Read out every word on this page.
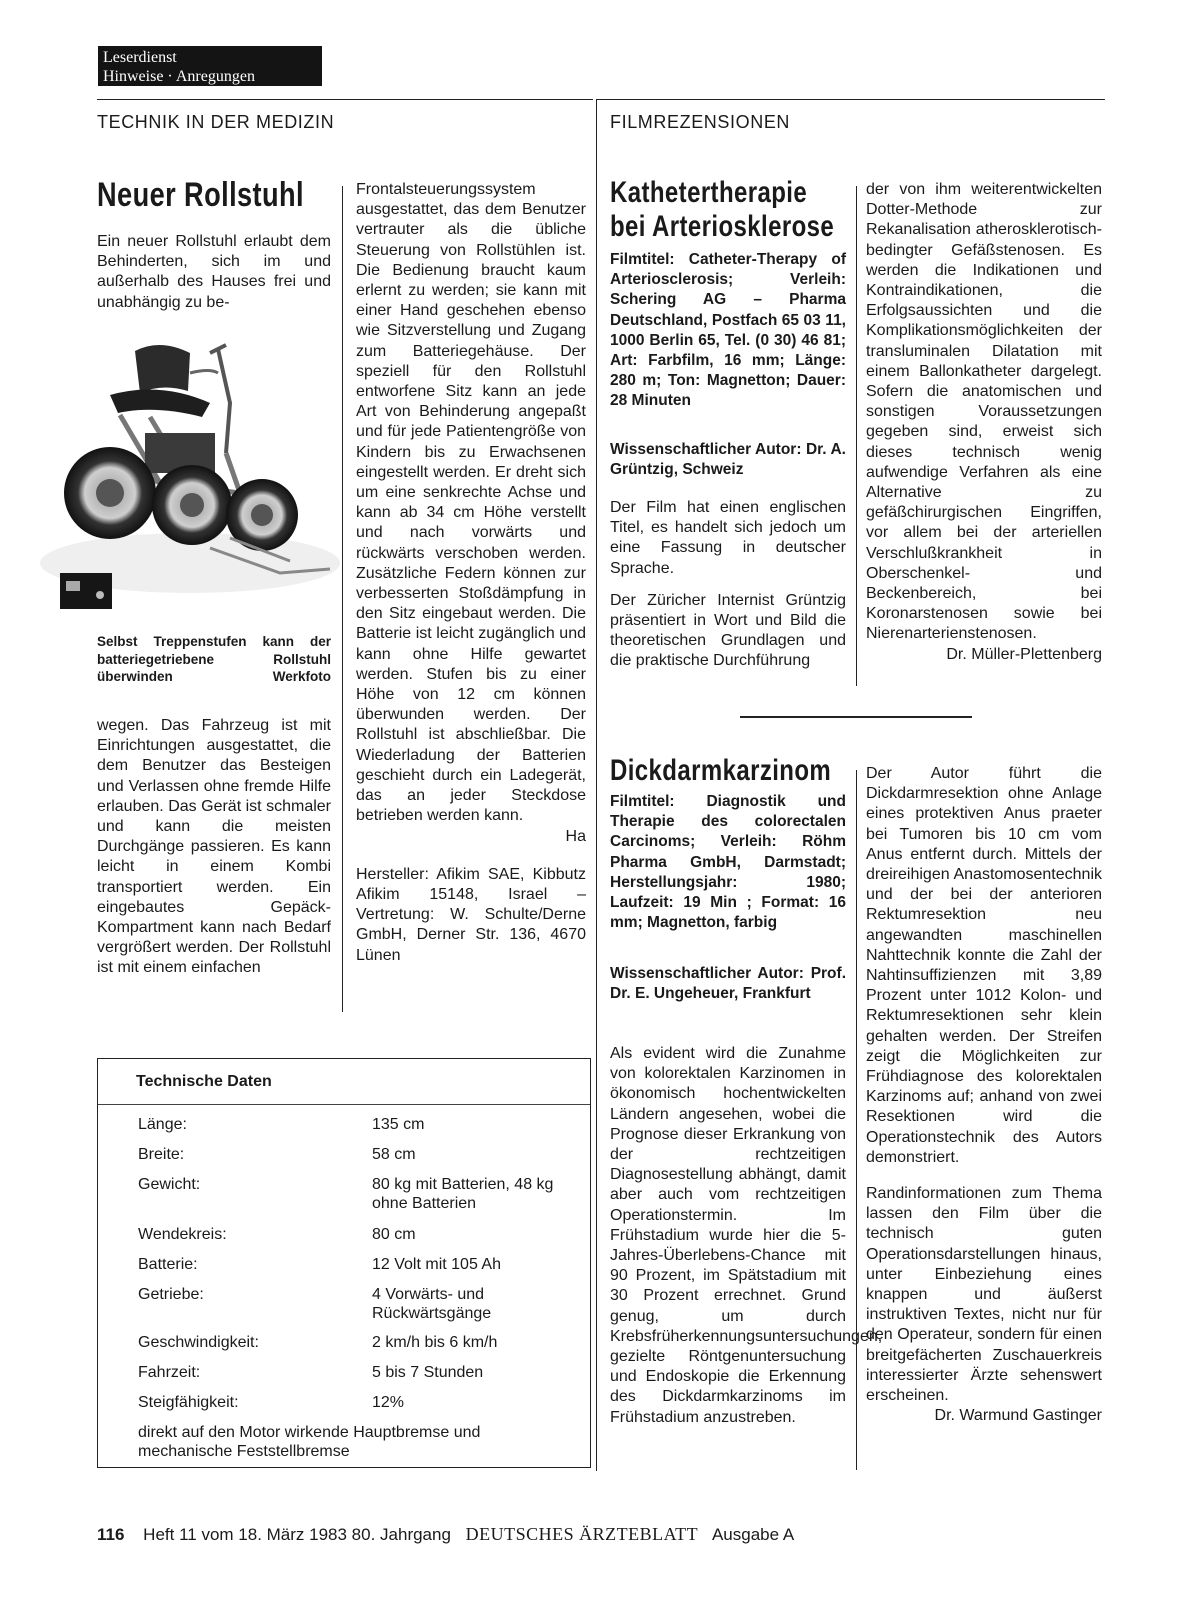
Leserdienst
Hinweise · Anregungen
TECHNIK IN DER MEDIZIN	FILMREZENSIONEN
Neuer Rollstuhl
Ein neuer Rollstuhl erlaubt dem Behinderten, sich im und außerhalb des Hauses frei und unabhängig zu be-
Selbst Treppenstufen kann der batteriegetriebene Rollstuhl überwinden	Werkfoto
wegen. Das Fahrzeug ist mit Einrichtungen ausgestattet, die dem Benutzer das Besteigen und Verlassen ohne fremde Hilfe erlauben. Das Gerät ist schmaler und kann die meisten Durchgänge passieren. Es kann leicht in einem Kombi transportiert werden. Ein eingebautes Gepäck-Kompartment kann nach Bedarf vergrößert werden. Der Rollstuhl ist mit einem einfachen

Frontalsteuerungssystem ausgestattet, das dem Benutzer vertrauter als die übliche Steuerung von Rollstühlen ist. Die Bedienung braucht kaum erlernt zu werden; sie kann mit einer Hand geschehen ebenso wie Sitzverstellung und Zugang zum Batteriegehäuse. Der speziell für den Rollstuhl entworfene Sitz kann an jede Art von Behinderung angepaßt und für jede Patientengröße von Kindern bis zu Erwachsenen eingestellt werden. Er dreht sich um eine senkrechte Achse und kann ab 34 cm Höhe verstellt und nach vorwärts und rückwärts verschoben werden. Zusätzliche Federn können zur verbesserten Stoßdämpfung in den Sitz eingebaut werden. Die Batterie ist leicht zugänglich und kann ohne Hilfe gewartet werden. Stufen bis zu einer Höhe von 12 cm können überwunden werden. Der Rollstuhl ist abschließbar. Die Wiederladung der Batterien geschieht durch ein Ladegerät, das an jeder Steckdose betrieben werden kann.

Ha

Hersteller: Afikim SAE, Kibbutz Afikim 15148, Israel – Vertretung: W. Schulte/Derne GmbH, Derner Str. 136, 4670 Lünen

Technische Daten
Länge:	135 cm
Breite:	58 cm
Gewicht:	80 kg mit Batterien, 48 kg ohne Batterien
Wendekreis:	80 cm
Batterie:	12 Volt mit 105 Ah
Getriebe:	4 Vorwärts- und Rückwärtsgänge
Geschwindigkeit:	2 km/h bis 6 km/h
Fahrzeit:	5 bis 7 Stunden
Steigfähigkeit:	12%
direkt auf den Motor wirkende Hauptbremse und mechanische Feststellbremse
Kathetertherapie
bei Arteriosklerose
Filmtitel: Catheter-Therapy of Arteriosclerosis; Verleih: Schering AG – Pharma Deutschland, Postfach 65 03 11, 1000 Berlin 65, Tel. (0 30) 46 81; Art: Farbfilm, 16 mm; Länge: 280 m; Ton: Magnetton; Dauer: 28 Minuten
Wissenschaftlicher Autor: Dr. A. Grüntzig, Schweiz

Der Film hat einen englischen Titel, es handelt sich jedoch um eine Fassung in deutscher Sprache.

Der Züricher Internist Grüntzig präsentiert in Wort und Bild die theoretischen Grundlagen und die praktische Durchführung

der von ihm weiterentwickelten Dotter-Methode zur Rekanalisation atherosklerotisch-bedingter Gefäßstenosen. Es werden die Indikationen und Kontraindikationen, die Erfolgsaussichten und die Komplikationsmöglichkeiten der transluminalen Dilatation mit einem Ballonkatheter dargelegt. Sofern die anatomischen und sonstigen Voraussetzungen gegeben sind, erweist sich dieses technisch wenig aufwendige Verfahren als eine Alternative zu gefäßchirurgischen Eingriffen, vor allem bei der arteriellen Verschlußkrankheit in Oberschenkel- und Beckenbereich, bei Koronarstenosen sowie bei Nierenarterienstenosen.

Dr. Müller-Plettenberg

Dickdarmkarzinom
Filmtitel: Diagnostik und Therapie des colorectalen Carcinoms; Verleih: Röhm Pharma GmbH, Darmstadt; Herstellungsjahr: 1980; Laufzeit: 19 Min ; Format: 16 mm; Magnetton, farbig
Wissenschaftlicher Autor: Prof. Dr. E. Ungeheuer, Frankfurt
Als evident wird die Zunahme von kolorektalen Karzinomen in ökonomisch hochentwickelten Ländern angesehen, wobei die Prognose dieser Erkrankung von der rechtzeitigen Diagnosestellung abhängt, damit aber auch vom rechtzeitigen Operationstermin. Im Frühstadium wurde hier die 5-Jahres-Überlebens-Chance mit 90 Prozent, im Spätstadium mit 30 Prozent errechnet. Grund genug, um durch Krebsfrüherkennungsuntersuchungen, gezielte Röntgenuntersuchung und Endoskopie die Erkennung des Dickdarmkarzinoms im Frühstadium anzustreben.

Der Autor führt die Dickdarmresektion ohne Anlage eines protektiven Anus praeter bei Tumoren bis 10 cm vom Anus entfernt durch. Mittels der dreireihigen Anastomosentechnik und der bei der anterioren Rektumresektion neu angewandten maschinellen Nahttechnik konnte die Zahl der Nahtinsuffizienzen mit 3,89 Prozent unter 1012 Kolon- und Rektumresektionen sehr klein gehalten werden. Der Streifen zeigt die Möglichkeiten zur Frühdiagnose des kolorektalen Karzinoms auf; anhand von zwei Resektionen wird die Operationstechnik des Autors demonstriert.

Randinformationen zum Thema lassen den Film über die technisch guten Operationsdarstellungen hinaus, unter Einbeziehung eines knappen und äußerst instruktiven Textes, nicht nur für den Operateur, sondern für einen breitgefächerten Zuschauerkreis interessierter Ärzte sehenswert erscheinen.

Dr. Warmund Gastinger

116 Heft 11 vom 18. März 1983 80. Jahrgang DEUTSCHES ÄRZTEBLATT Ausgabe A
